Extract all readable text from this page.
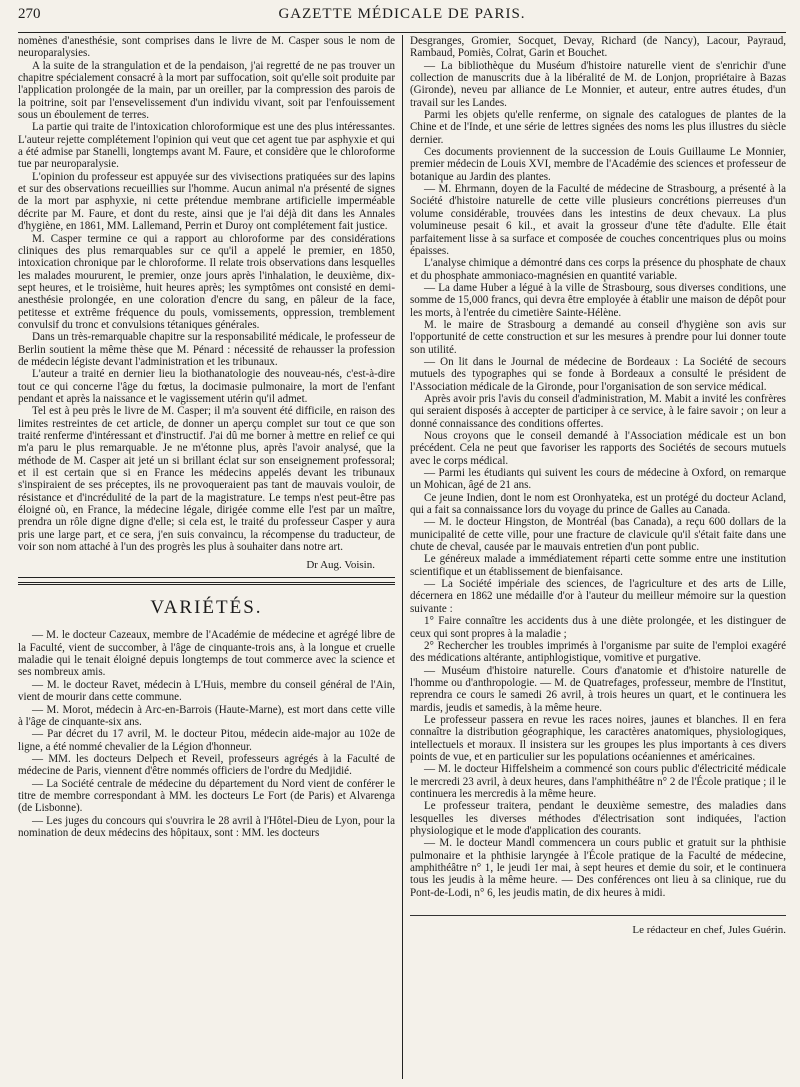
270	GAZETTE MÉDICALE DE PARIS.

nomènes d'anesthésie, sont comprises dans le livre de M. Casper sous le nom de neuroparalysies.

A la suite de la strangulation et de la pendaison, j'ai regretté de ne pas trouver un chapitre spécialement consacré à la mort par suffocation, soit qu'elle soit produite par l'application prolongée de la main, par un oreiller, par la compression des parois de la poitrine, soit par l'ensevelissement d'un individu vivant, soit par l'enfouissement sous un éboulement de terres.

La partie qui traite de l'intoxication chloroformique est une des plus intéressantes. L'auteur rejette complétement l'opinion qui veut que cet agent tue par asphyxie et qui a été admise par Stanelli, longtemps avant M. Faure, et considère que le chloroforme tue par neuroparalysie.

L'opinion du professeur est appuyée sur des vivisections pratiquées sur des lapins et sur des observations recueillies sur l'homme. Aucun animal n'a présenté de signes de la mort par asphyxie, ni cette prétendue membrane artificielle imperméable décrite par M. Faure, et dont du reste, ainsi que je l'ai déjà dit dans les Annales d'hygiène, en 1861, MM. Lallemand, Perrin et Duroy ont complétement fait justice.

M. Casper termine ce qui a rapport au chloroforme par des considérations cliniques des plus remarquables sur ce qu'il a appelé le premier, en 1850, intoxication chronique par le chloroforme. Il relate trois observations dans lesquelles les malades moururent, le premier, onze jours après l'inhalation, le deuxième, dix-sept heures, et le troisième, huit heures après; les symptômes ont consisté en demi-anesthésie prolongée, en une coloration d'encre du sang, en pâleur de la face, petitesse et extrême fréquence du pouls, vomissements, oppression, tremblement convulsif du tronc et convulsions tétaniques générales.

Dans un très-remarquable chapitre sur la responsabilité médicale, le professeur de Berlin soutient la même thèse que M. Pénard : nécessité de rehausser la profession de médecin légiste devant l'administration et les tribunaux.

L'auteur a traité en dernier lieu la biothanatologie des nouveau-nés, c'est-à-dire tout ce qui concerne l'âge du fœtus, la docimasie pulmonaire, la mort de l'enfant pendant et après la naissance et le vagissement utérin qu'il admet.

Tel est à peu près le livre de M. Casper; il m'a souvent été difficile, en raison des limites restreintes de cet article, de donner un aperçu complet sur tout ce que son traité renferme d'intéressant et d'instructif. J'ai dû me borner à mettre en relief ce qui m'a paru le plus remarquable. Je ne m'étonne plus, après l'avoir analysé, que la méthode de M. Casper ait jeté un si brillant éclat sur son enseignement professoral; et il est certain que si en France les médecins appelés devant les tribunaux s'inspiraient de ses préceptes, ils ne provoqueraient pas tant de mauvais vouloir, de résistance et d'incrédulité de la part de la magistrature. Le temps n'est peut-être pas éloigné où, en France, la médecine légale, dirigée comme elle l'est par un maître, prendra un rôle digne digne d'elle; si cela est, le traité du professeur Casper y aura pris une large part, et ce sera, j'en suis convaincu, la récompense du traducteur, de voir son nom attaché à l'un des progrès les plus à souhaiter dans notre art.

Dr Aug. Voisin.
VARIÉTÉS.

— M. le docteur Cazeaux, membre de l'Académie de médecine et agrégé libre de la Faculté, vient de succomber, à l'âge de cinquante-trois ans, à la longue et cruelle maladie qui le tenait éloigné depuis longtemps de tout commerce avec la science et ses nombreux amis.

— M. le docteur Ravet, médecin à L'Huis, membre du conseil général de l'Ain, vient de mourir dans cette commune.

— M. Morot, médecin à Arc-en-Barrois (Haute-Marne), est mort dans cette ville à l'âge de cinquante-six ans.

— Par décret du 17 avril, M. le docteur Pitou, médecin aide-major au 102e de ligne, a été nommé chevalier de la Légion d'honneur.

— MM. les docteurs Delpech et Reveil, professeurs agrégés à la Faculté de médecine de Paris, viennent d'être nommés officiers de l'ordre du Medjidié.

— La Société centrale de médecine du département du Nord vient de conférer le titre de membre correspondant à MM. les docteurs Le Fort (de Paris) et Alvarenga (de Lisbonne).

— Les juges du concours qui s'ouvrira le 28 avril à l'Hôtel-Dieu de Lyon, pour la nomination de deux médecins des hôpitaux, sont : MM. les docteurs

Desgranges, Gromier, Socquet, Devay, Richard (de Nancy), Lacour, Payraud, Rambaud, Pomiès, Colrat, Garin et Bouchet.

— La bibliothèque du Muséum d'histoire naturelle vient de s'enrichir d'une collection de manuscrits due à la libéralité de M. de Lonjon, propriétaire à Bazas (Gironde), neveu par alliance de Le Monnier, et auteur, entre autres études, d'un travail sur les Landes.

Parmi les objets qu'elle renferme, on signale des catalogues de plantes de la Chine et de l'Inde, et une série de lettres signées des noms les plus illustres du siècle dernier.

Ces documents proviennent de la succession de Louis Guillaume Le Monnier, premier médecin de Louis XVI, membre de l'Académie des sciences et professeur de botanique au Jardin des plantes.

— M. Ehrmann, doyen de la Faculté de médecine de Strasbourg, a présenté à la Société d'histoire naturelle de cette ville plusieurs concrétions pierreuses d'un volume considérable, trouvées dans les intestins de deux chevaux. La plus volumineuse pesait 6 kil., et avait la grosseur d'une tête d'adulte. Elle était parfaitement lisse à sa surface et composée de couches concentriques plus ou moins épaisses.

L'analyse chimique a démontré dans ces corps la présence du phosphate de chaux et du phosphate ammoniaco-magnésien en quantité variable.

— La dame Huber a légué à la ville de Strasbourg, sous diverses conditions, une somme de 15,000 francs, qui devra être employée à établir une maison de dépôt pour les morts, à l'entrée du cimetière Sainte-Hélène.

M. le maire de Strasbourg a demandé au conseil d'hygiène son avis sur l'opportunité de cette construction et sur les mesures à prendre pour lui donner toute son utilité.

— On lit dans le Journal de médecine de Bordeaux : La Société de secours mutuels des typographes qui se fonde à Bordeaux a consulté le président de l'Association médicale de la Gironde, pour l'organisation de son service médical.

Après avoir pris l'avis du conseil d'administration, M. Mabit a invité les confrères qui seraient disposés à accepter de participer à ce service, à le faire savoir ; on leur a donné connaissance des conditions offertes.

Nous croyons que le conseil demandé à l'Association médicale est un bon précédent. Cela ne peut que favoriser les rapports des Sociétés de secours mutuels avec le corps médical.

— Parmi les étudiants qui suivent les cours de médecine à Oxford, on remarque un Mohican, âgé de 21 ans.

Ce jeune Indien, dont le nom est Oronhyateka, est un protégé du docteur Acland, qui a fait sa connaissance lors du voyage du prince de Galles au Canada.

— M. le docteur Hingston, de Montréal (bas Canada), a reçu 600 dollars de la municipalité de cette ville, pour une fracture de clavicule qu'il s'était faite dans une chute de cheval, causée par le mauvais entretien d'un pont public.

Le généreux malade a immédiatement réparti cette somme entre une institution scientifique et un établissement de bienfaisance.

— La Société impériale des sciences, de l'agriculture et des arts de Lille, décernera en 1862 une médaille d'or à l'auteur du meilleur mémoire sur la question suivante :

1° Faire connaître les accidents dus à une diète prolongée, et les distinguer de ceux qui sont propres à la maladie ;

2° Rechercher les troubles imprimés à l'organisme par suite de l'emploi exagéré des médications altérante, antiphlogistique, vomitive et purgative.

— Muséum d'histoire naturelle. Cours d'anatomie et d'histoire naturelle de l'homme ou d'anthropologie. — M. de Quatrefages, professeur, membre de l'Institut, reprendra ce cours le samedi 26 avril, à trois heures un quart, et le continuera les mardis, jeudis et samedis, à la même heure.

Le professeur passera en revue les races noires, jaunes et blanches. Il en fera connaître la distribution géographique, les caractères anatomiques, physiologiques, intellectuels et moraux. Il insistera sur les groupes les plus importants à ces divers points de vue, et en particulier sur les populations océaniennes et américaines.

— M. le docteur Hiffelsheim a commencé son cours public d'électricité médicale le mercredi 23 avril, à deux heures, dans l'amphithéâtre n° 2 de l'École pratique ; il le continuera les mercredis à la même heure.

Le professeur traitera, pendant le deuxième semestre, des maladies dans lesquelles les diverses méthodes d'électrisation sont indiquées, l'action physiologique et le mode d'application des courants.

— M. le docteur Mandl commencera un cours public et gratuit sur la phthisie pulmonaire et la phthisie laryngée à l'École pratique de la Faculté de médecine, amphithéâtre n° 1, le jeudi 1er mai, à sept heures et demie du soir, et le continuera tous les jeudis à la même heure. — Des conférences ont lieu à sa clinique, rue du Pont-de-Lodi, n° 6, les jeudis matin, de dix heures à midi.

Le rédacteur en chef, Jules Guérin.
